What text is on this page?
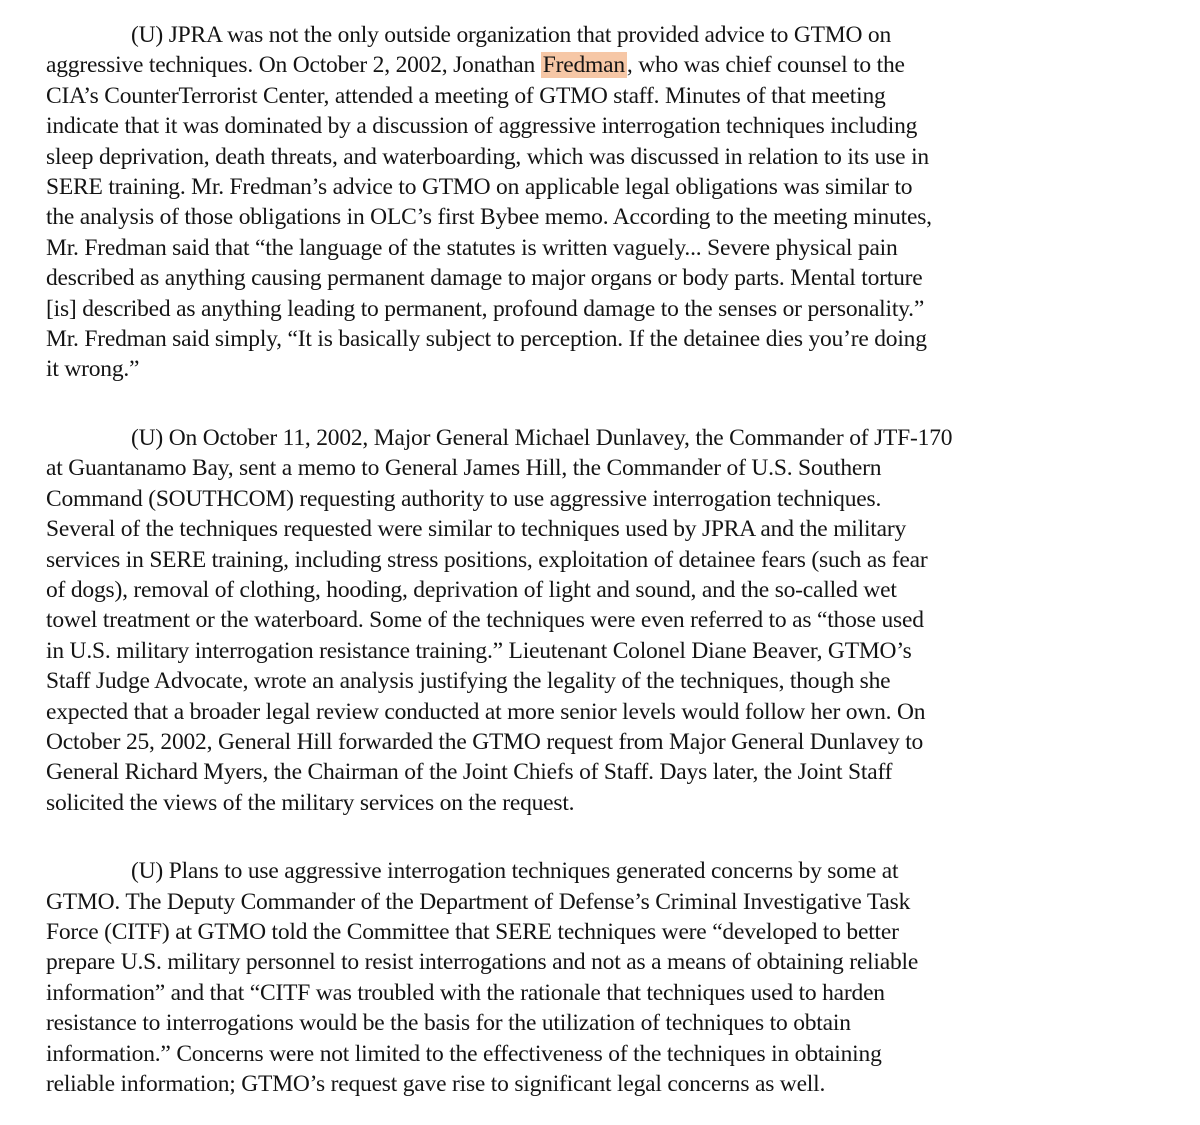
(U) JPRA was not the only outside organization that provided advice to GTMO on
aggressive techniques. On October 2, 2002, Jonathan Fredman, who was chief counsel to the
CIA’s CounterTerrorist Center, attended a meeting of GTMO staff. Minutes of that meeting
indicate that it was dominated by a discussion of aggressive interrogation techniques including
sleep deprivation, death threats, and waterboarding, which was discussed in relation to its use in
SERE training. Mr. Fredman’s advice to GTMO on applicable legal obligations was similar to
the analysis of those obligations in OLC’s first Bybee memo. According to the meeting minutes,
Mr. Fredman said that “the language of the statutes is written vaguely... Severe physical pain
described as anything causing permanent damage to major organs or body parts. Mental torture
[is] described as anything leading to permanent, profound damage to the senses or personality.”
Mr. Fredman said simply, “It is basically subject to perception. If the detainee dies you’re doing
it wrong.”

(U) On October 11, 2002, Major General Michael Dunlavey, the Commander of JTF-170
at Guantanamo Bay, sent a memo to General James Hill, the Commander of U.S. Southern
Command (SOUTHCOM) requesting authority to use aggressive interrogation techniques.
Several of the techniques requested were similar to techniques used by JPRA and the military
services in SERE training, including stress positions, exploitation of detainee fears (such as fear
of dogs), removal of clothing, hooding, deprivation of light and sound, and the so-called wet
towel treatment or the waterboard. Some of the techniques were even referred to as “those used
in U.S. military interrogation resistance training.” Lieutenant Colonel Diane Beaver, GTMO’s
Staff Judge Advocate, wrote an analysis justifying the legality of the techniques, though she
expected that a broader legal review conducted at more senior levels would follow her own. On
October 25, 2002, General Hill forwarded the GTMO request from Major General Dunlavey to
General Richard Myers, the Chairman of the Joint Chiefs of Staff. Days later, the Joint Staff
solicited the views of the military services on the request.

(U) Plans to use aggressive interrogation techniques generated concerns by some at
GTMO. The Deputy Commander of the Department of Defense’s Criminal Investigative Task
Force (CITF) at GTMO told the Committee that SERE techniques were “developed to better
prepare U.S. military personnel to resist interrogations and not as a means of obtaining reliable
information” and that “CITF was troubled with the rationale that techniques used to harden
resistance to interrogations would be the basis for the utilization of techniques to obtain
information.” Concerns were not limited to the effectiveness of the techniques in obtaining
reliable information; GTMO’s request gave rise to significant legal concerns as well.
